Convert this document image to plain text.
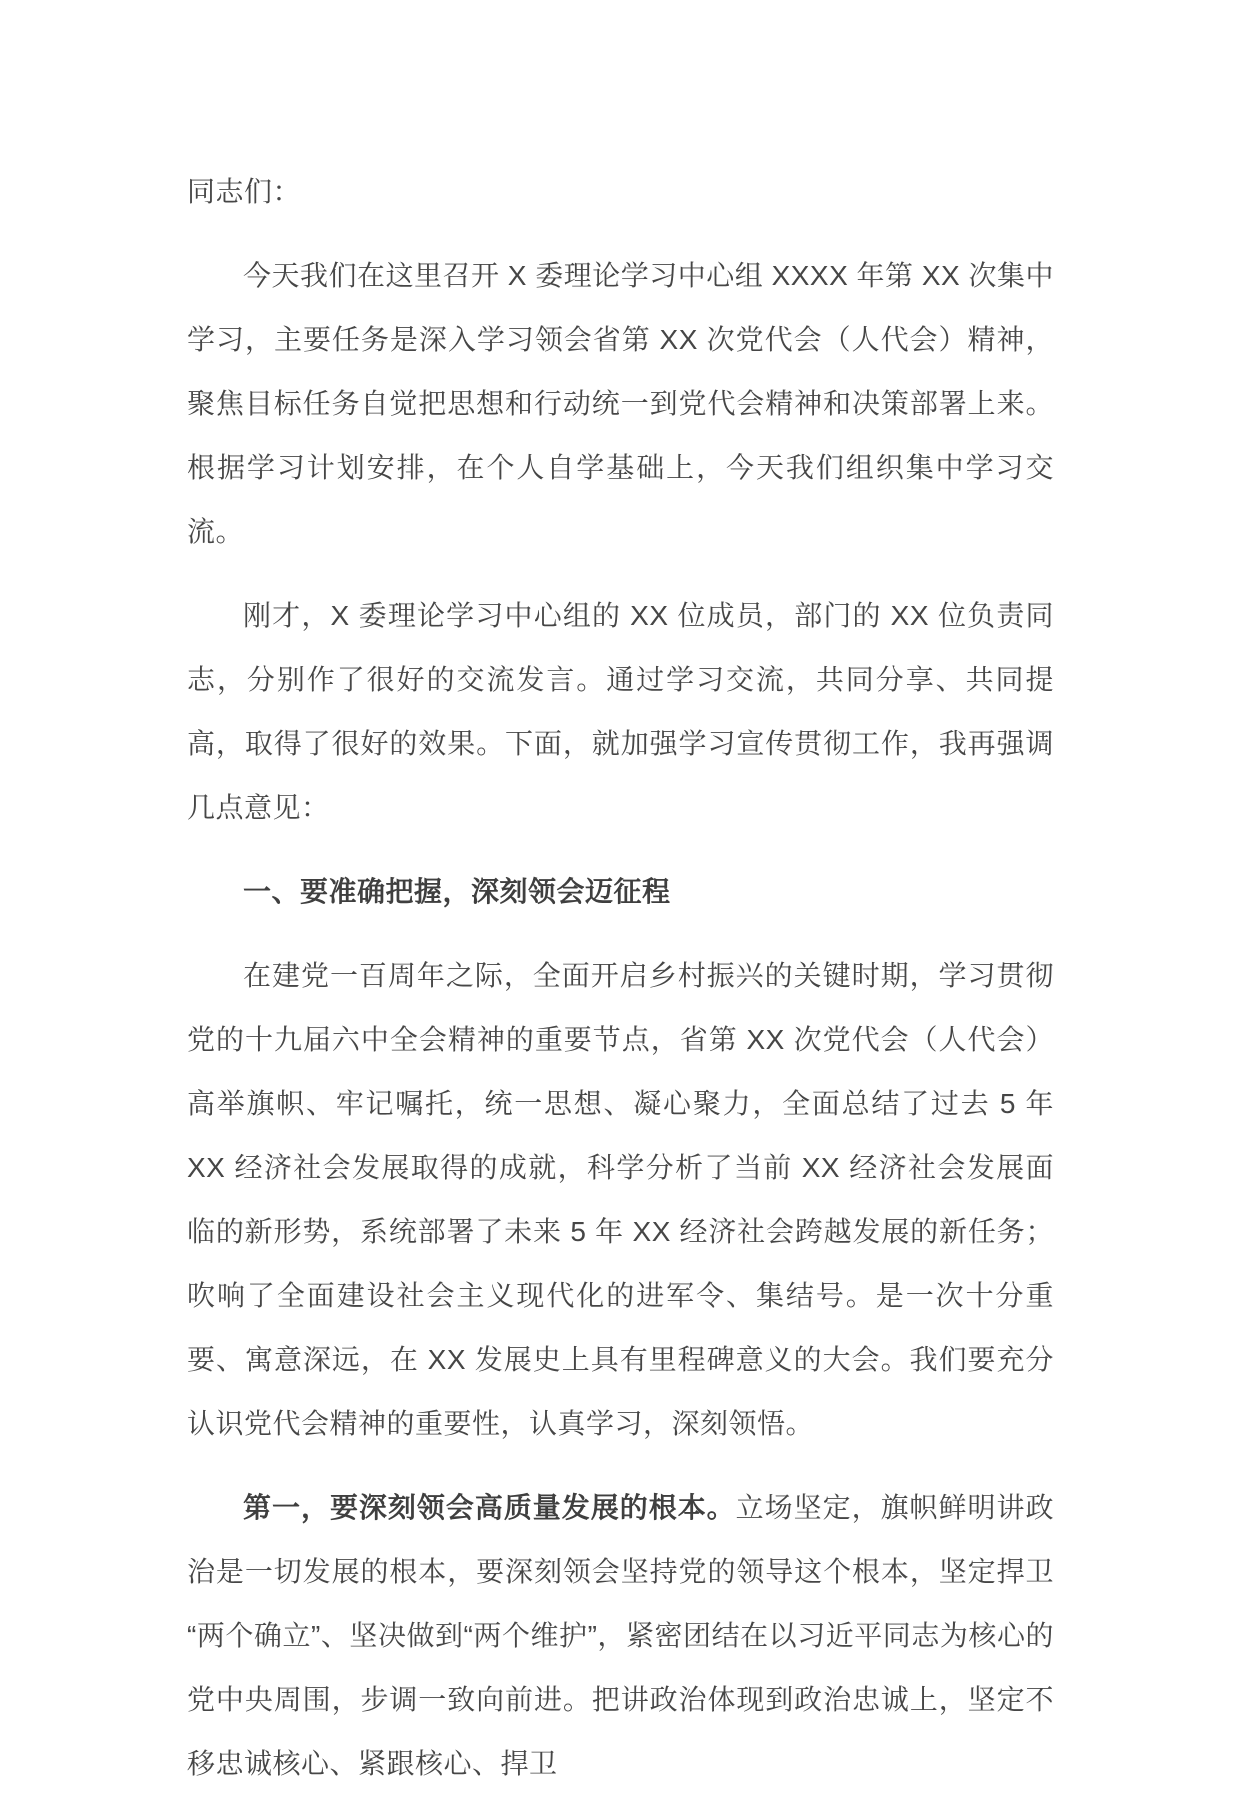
同志们：

今天我们在这里召开 X 委理论学习中心组 XXXX 年第 XX 次集中学习，主要任务是深入学习领会省第 XX 次党代会（人代会）精神，聚焦目标任务自觉把思想和行动统一到党代会精神和决策部署上来。根据学习计划安排，在个人自学基础上，今天我们组织集中学习交流。

刚才，X 委理论学习中心组的 XX 位成员，部门的 XX 位负责同志，分别作了很好的交流发言。通过学习交流，共同分享、共同提高，取得了很好的效果。下面，就加强学习宣传贯彻工作，我再强调几点意见：

一、要准确把握，深刻领会迈征程

在建党一百周年之际，全面开启乡村振兴的关键时期，学习贯彻党的十九届六中全会精神的重要节点，省第 XX 次党代会（人代会）高举旗帜、牢记嘱托，统一思想、凝心聚力，全面总结了过去 5 年 XX 经济社会发展取得的成就，科学分析了当前 XX 经济社会发展面临的新形势，系统部署了未来 5 年 XX 经济社会跨越发展的新任务；吹响了全面建设社会主义现代化的进军令、集结号。是一次十分重要、寓意深远，在 XX 发展史上具有里程碑意义的大会。我们要充分认识党代会精神的重要性，认真学习，深刻领悟。

第一，要深刻领会高质量发展的根本。立场坚定，旗帜鲜明讲政治是一切发展的根本，要深刻领会坚持党的领导这个根本，坚定捍卫“两个确立”、坚决做到“两个维护”，紧密团结在以习近平同志为核心的党中央周围，步调一致向前进。把讲政治体现到政治忠诚上，坚定不移忠诚核心、紧跟核心、捍卫
